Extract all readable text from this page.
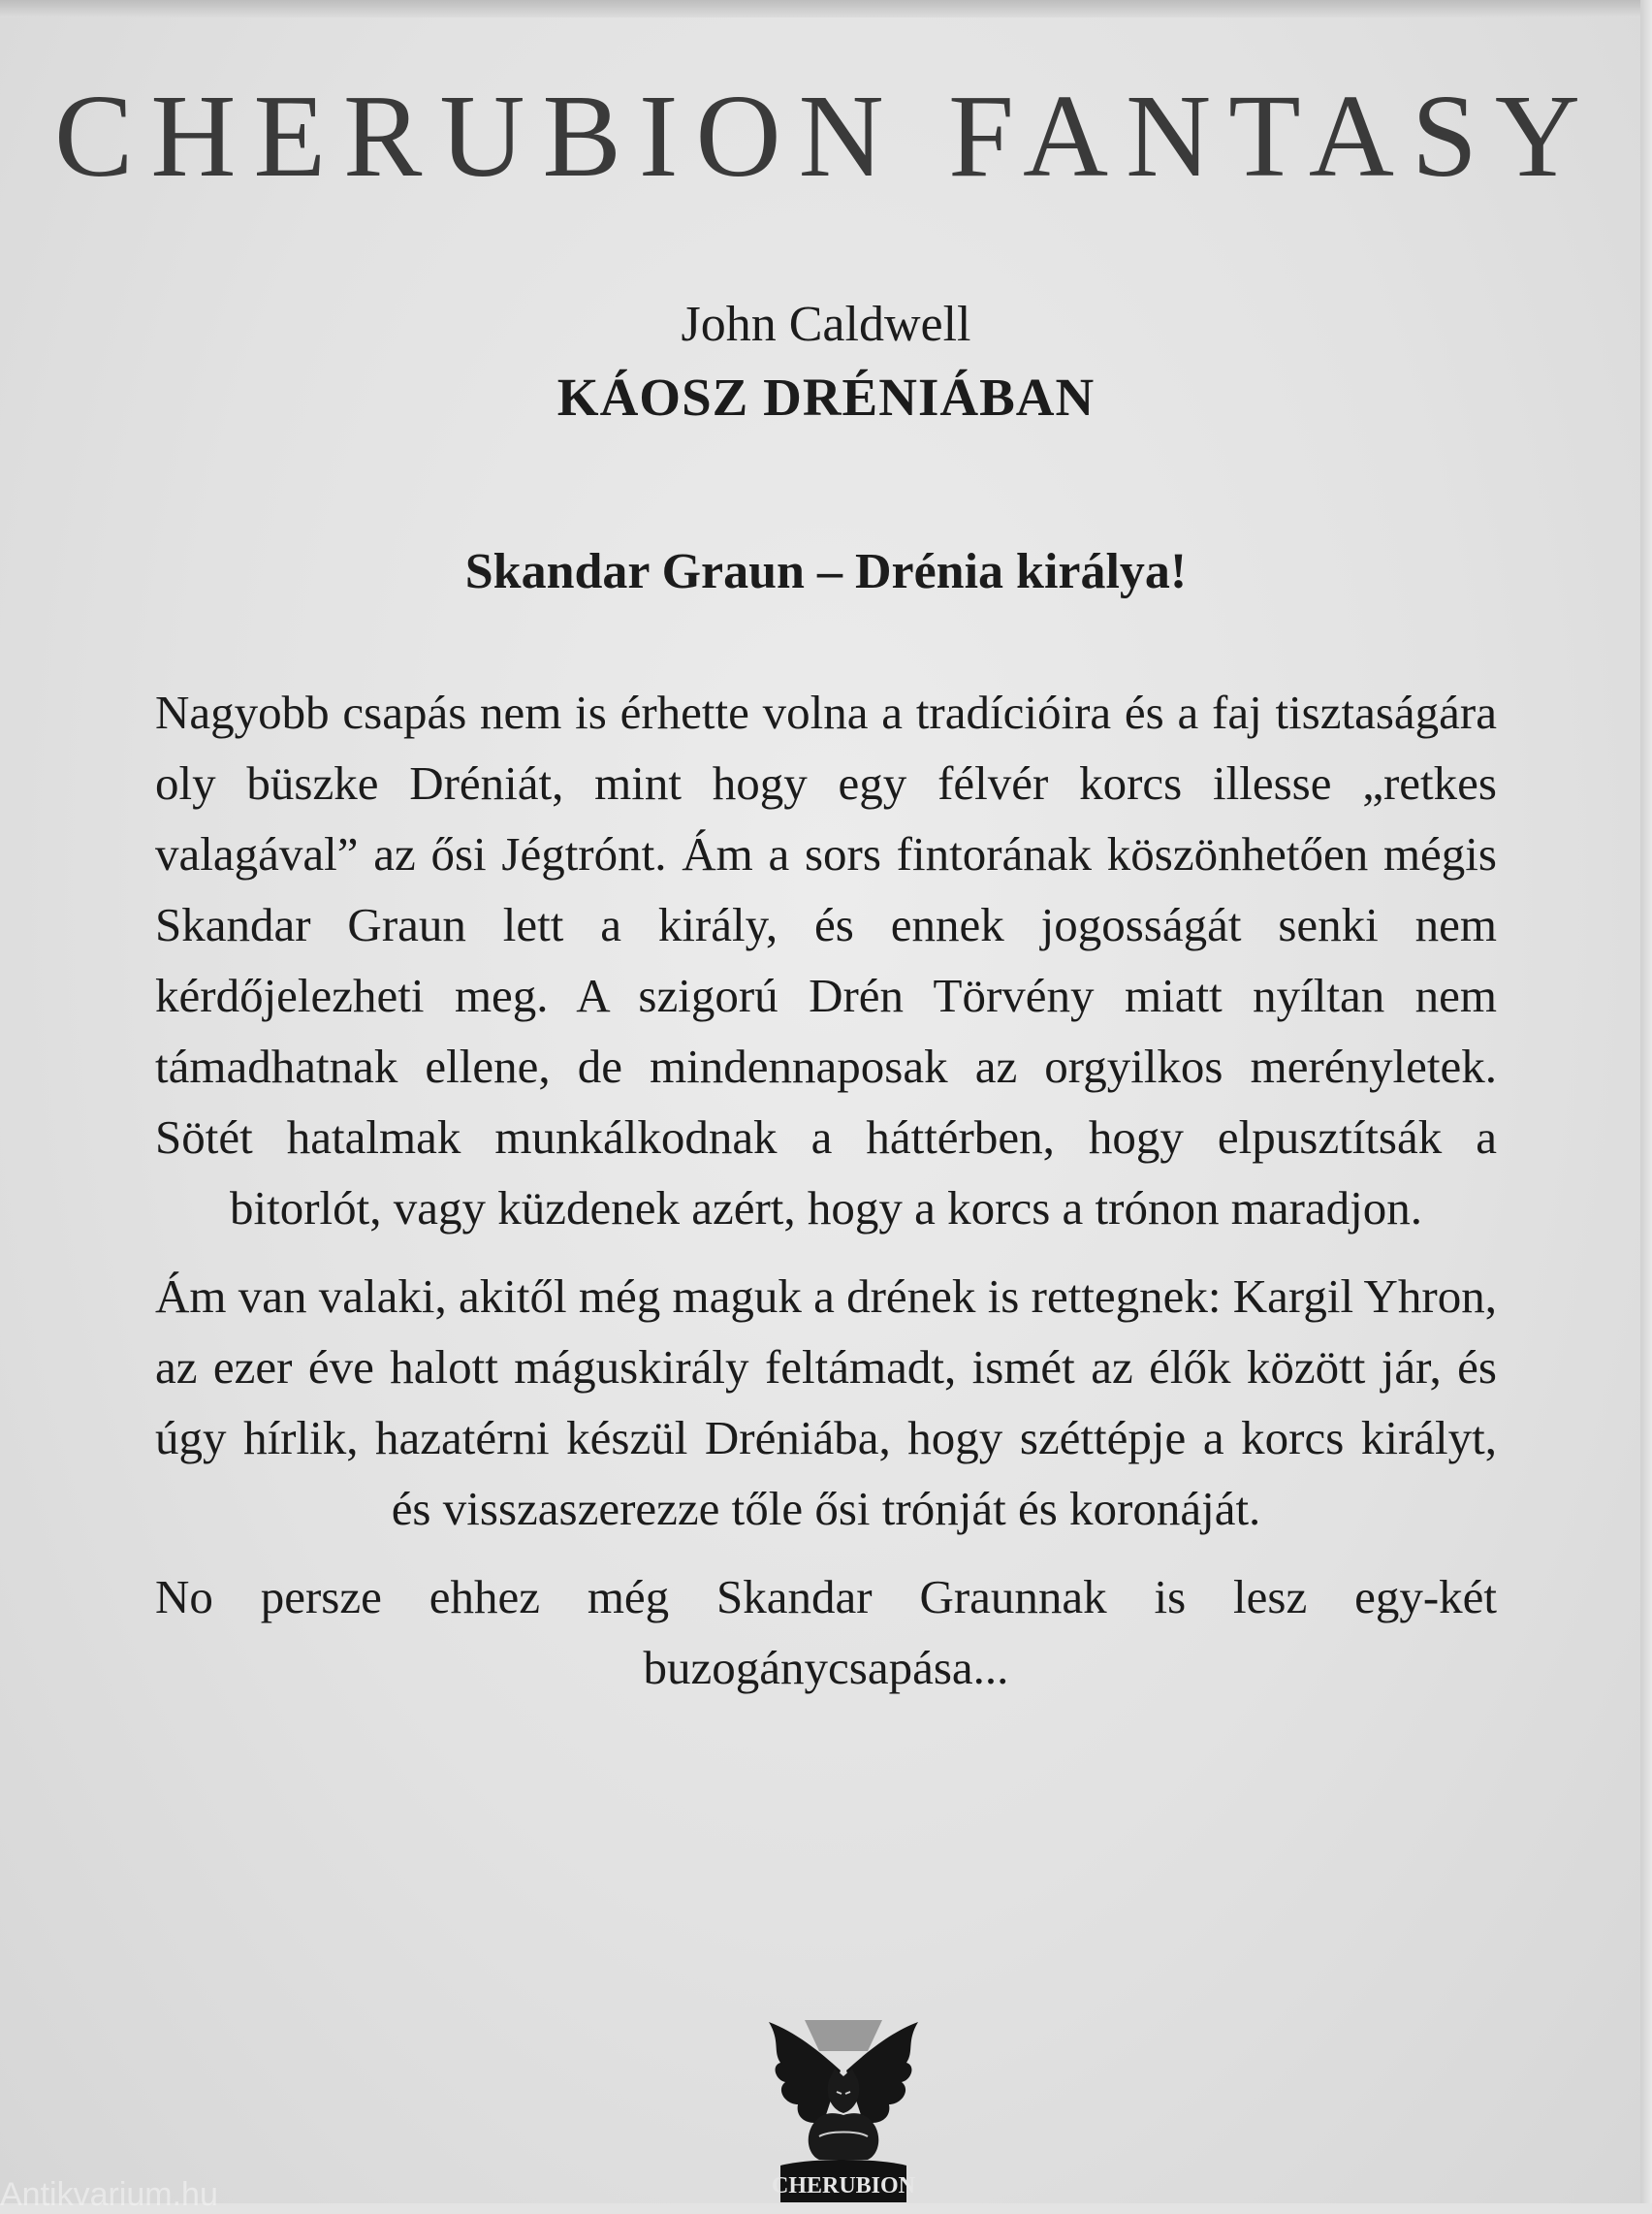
CHERUBION FANTASY
John Caldwell
KÁOSZ DRÉNIÁBAN
Skandar Graun – Drénia királya!

Nagyobb csapás nem is érhette volna a tradícióira és a faj tisztaságára oly büszke Dréniát, mint hogy egy félvér korcs illesse „retkes valagával” az ősi Jégtrónt. Ám a sors fintorának köszönhetően mégis Skandar Graun lett a király, és ennek jogosságát senki nem kérdőjelezheti meg. A szigorú Drén Törvény miatt nyíltan nem támadhatnak ellene, de mindennaposak az orgyilkos merényletek. Sötét hatalmak munkálkodnak a háttérben, hogy elpusztítsák a bitorlót, vagy küzdenek azért, hogy a korcs a trónon maradjon.

Ám van valaki, akitől még maguk a drének is rettegnek: Kargil Yhron, az ezer éve halott máguskirály feltámadt, ismét az élők között jár, és úgy hírlik, hazatérni készül Dréniába, hogy széttépje a korcs királyt, és visszaszerezze tőle ősi trónját és koronáját.

No persze ehhez még Skandar Graunnak is lesz egy-két buzogánycsapása...

CHERUBION
Antikvarium.hu
